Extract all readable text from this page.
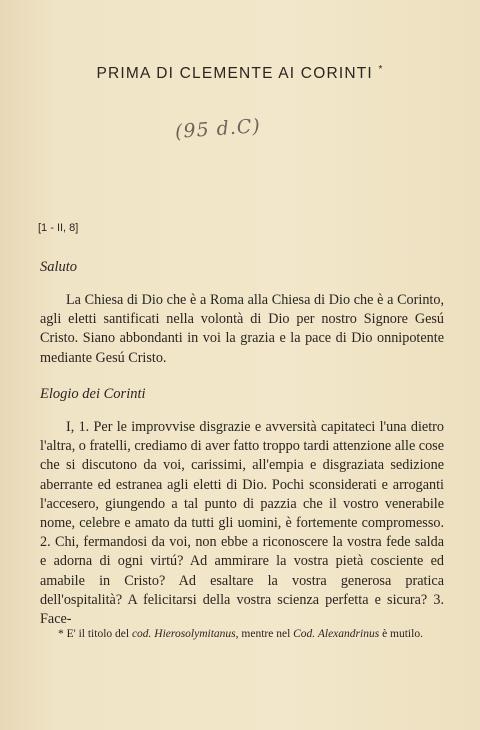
PRIMA DI CLEMENTE AI CORINTI *
(95 d.C)
[1 - II, 8]
Saluto

La Chiesa di Dio che è a Roma alla Chiesa di Dio che è a Corinto, agli eletti santificati nella volontà di Dio per nostro Signore Gesú Cristo. Siano abbondanti in voi la grazia e la pace di Dio onnipotente mediante Gesú Cristo.

Elogio dei Corinti

I, 1. Per le improvvise disgrazie e avversità capitateci l'una dietro l'altra, o fratelli, crediamo di aver fatto troppo tardi attenzione alle cose che si discutono da voi, carissimi, all'empia e disgraziata sedizione aberrante ed estranea agli eletti di Dio. Pochi sconsiderati e arroganti l'accesero, giungendo a tal punto di pazzia che il vostro venerabile nome, celebre e amato da tutti gli uomini, è fortemente compromesso. 2. Chi, fermandosi da voi, non ebbe a riconoscere la vostra fede salda e adorna di ogni virtú? Ad ammirare la vostra pietà cosciente ed amabile in Cristo? Ad esaltare la vostra generosa pratica dell'ospitalità? A felicitarsi della vostra scienza perfetta e sicura? 3. Face-

* E' il titolo del cod. Hierosolymitanus, mentre nel Cod. Alexandrinus è mutilo.
